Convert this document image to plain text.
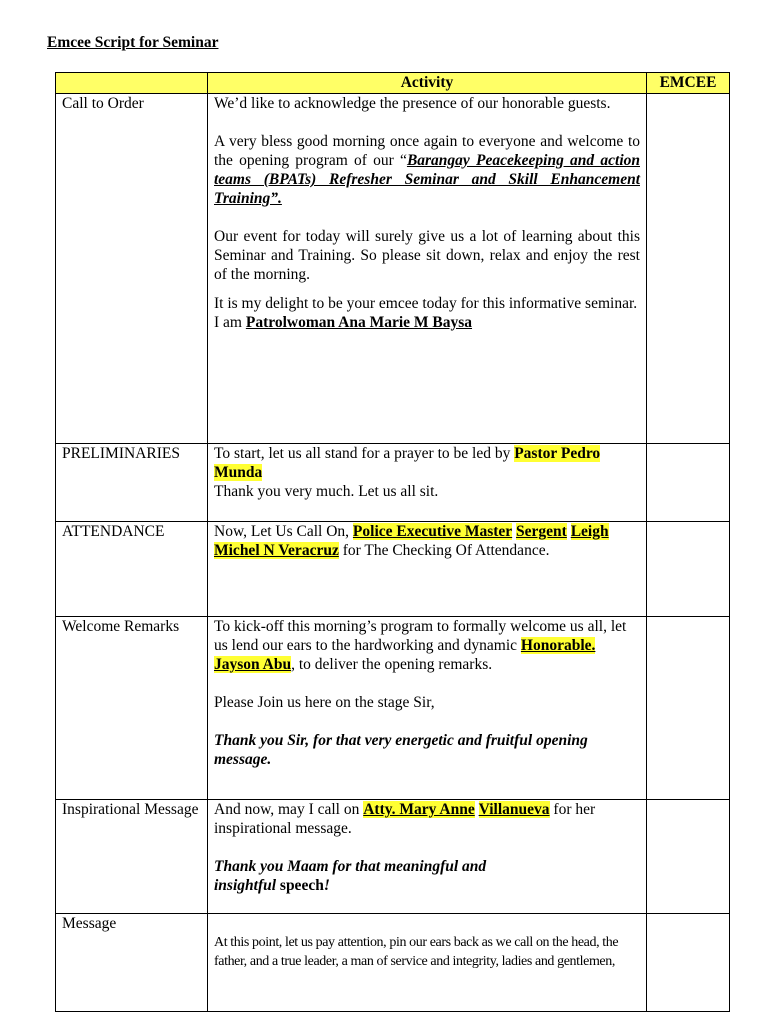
Emcee Script for Seminar
	Activity	EMCEE
Call to Order	We’d like to acknowledge the presence of our honorable guests.

A very bless good morning once again to everyone and welcome to the opening program of our “Barangay Peacekeeping and action teams (BPATs) Refresher Seminar and Skill Enhancement Training”.

Our event for today will surely give us a lot of learning about this Seminar and Training. So please sit down, relax and enjoy the rest of the morning.

It is my delight to be your emcee today for this informative seminar. I am Patrolwoman Ana Marie M Baysa	

PRELIMINARIES	To start, let us all stand for a prayer to be led by Pastor Pedro Munda

Thank you very much. Let us all sit.	

ATTENDANCE	Now, Let Us Call On, Police Executive Master Sergent Leigh Michel N Veracruz for The Checking Of Attendance.	

Welcome Remarks	To kick-off this morning’s program to formally welcome us all, let us lend our ears to the hardworking and dynamic Honorable. Jayson Abu, to deliver the opening remarks.

Please Join us here on the stage Sir,

Thank you Sir, for that very energetic and fruitful opening message.	

Inspirational Message	And now, may I call on Atty. Mary Anne Villanueva for her inspirational message.

Thank you Maam for that meaningful and insightful speech!	

Message	At this point, let us pay attention, pin our ears back as we call on the head, the father, and a true leader, a man of service and integrity, ladies and gentlemen,	
